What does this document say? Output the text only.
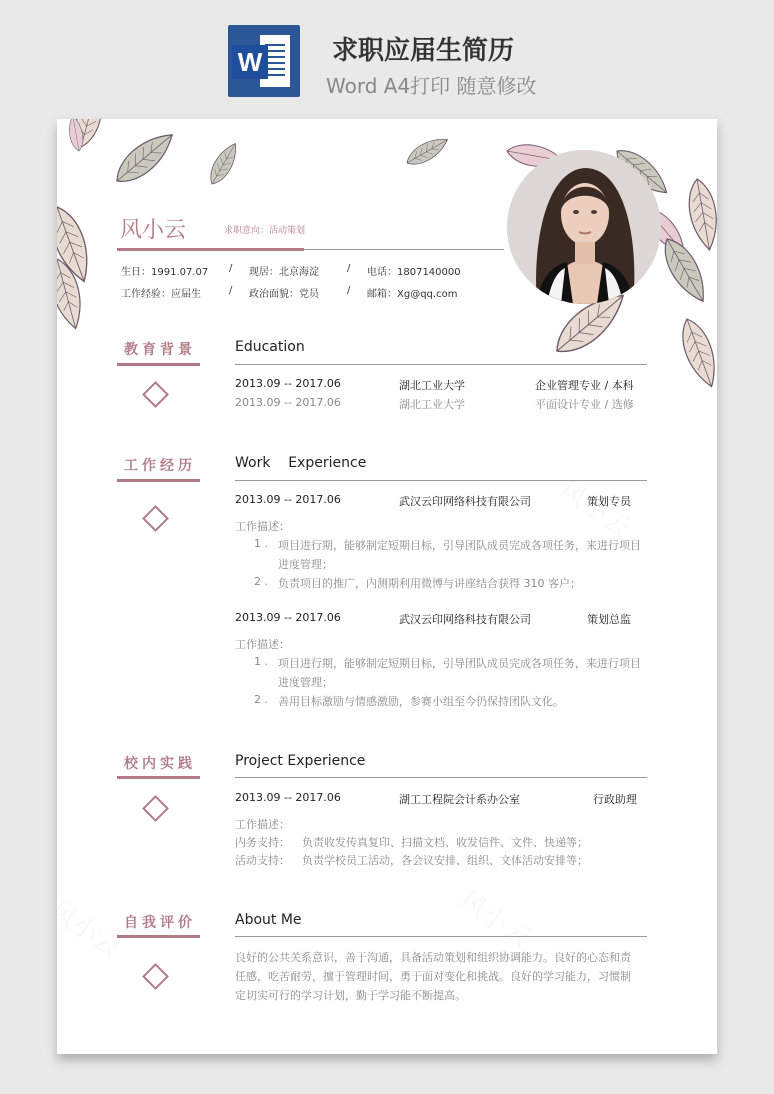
W	求职应届生简历
Word A4打印 随意修改
风小云	求职意向：活动策划
生日：1991.07.07 / 现居：北京海淀	/ 电话：1807140000
工作经验：应届生	/ 政治面貌：党员	/ 邮箱：Xg@qq.com
教育背景	Education
2013.09 -- 2017.06	湖北工业大学	企业管理专业 / 本科
2013.09 -- 2017.06	湖北工业大学	平面设计专业 / 选修
工作经历	Work    Experience
2013.09 -- 2017.06	武汉云印网络科技有限公司	策划专员
工作描述：
1 . 项目进行期，能够制定短期目标，引导团队成员完成各项任务，来进行项目
进度管理；
2 . 负责项目的推广，内测期利用微博与讲座结合获得 310 客户；
2013.09 -- 2017.06	武汉云印网络科技有限公司	策划总监
工作描述：
1 . 项目进行期，能够制定短期目标，引导团队成员完成各项任务，来进行项目
进度管理；
2 . 善用目标激励与情感激励，参赛小组至今仍保持团队文化。
校内实践	Project Experience
2013.09 -- 2017.06	湖工工程院会计系办公室	行政助理
工作描述：
内务支持： 负责收发传真复印、扫描文档、收发信件、文件、快递等；
活动支持： 负责学校员工活动，各会议安排、组织、文体活动安排等；
自我评价	About Me
良好的公共关系意识，善于沟通，具备活动策划和组织协调能力。良好的心态和责
任感，吃苦耐劳，擅于管理时间，勇于面对变化和挑战。良好的学习能力，习惯制
定切实可行的学习计划，勤于学习能不断提高。
